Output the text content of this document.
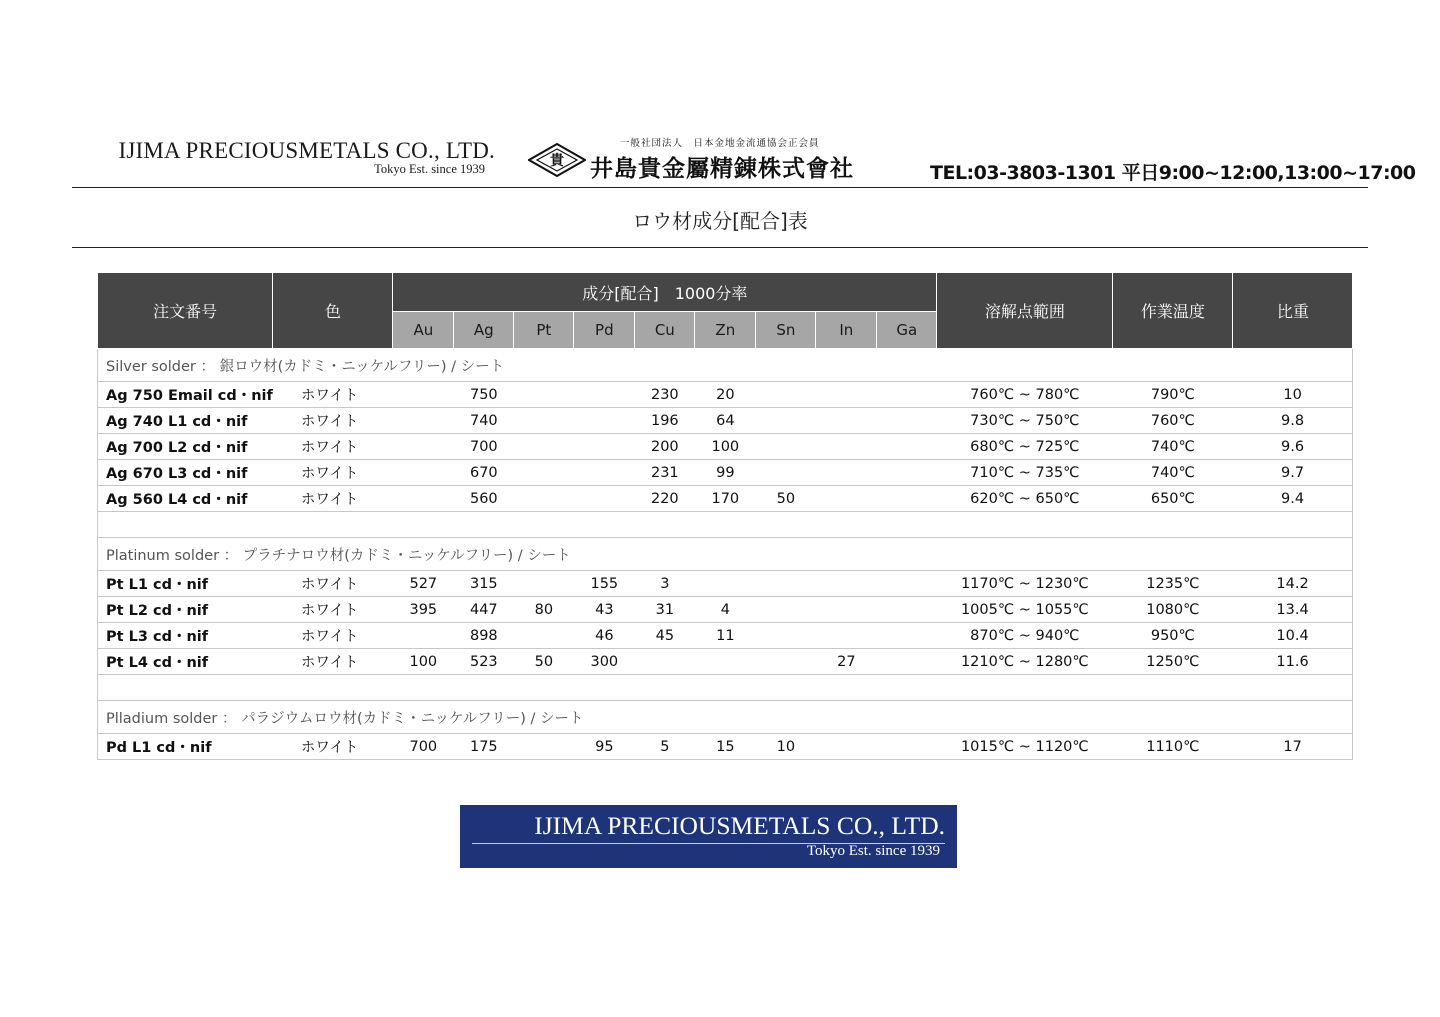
IJIMA PRECIOUSMETALS CO., LTD.
Tokyo Est. since 1939	貴
一般社団法人　日本金地金流通協会正会員
井島貴金屬精錬株式會社	TEL:03-3803-1301 平日9:00~12:00,13:00~17:00
ロウ材成分[配合]表
注文番号	色	成分[配合]　1000分率									溶解点範囲	作業温度	比重
		Au	Ag	Pt	Pd	Cu	Zn	Sn	In	Ga			
Silver solder ： 銀ロウ材(カドミ・ニッケルフリー) / シート													
Ag 750 Email cd・nif	ホワイト		750			230	20				760℃ ~ 780℃	790℃	10
Ag 740 L1 cd・nif	ホワイト		740			196	64				730℃ ~ 750℃	760℃	9.8
Ag 700 L2 cd・nif	ホワイト		700			200	100				680℃ ~ 725℃	740℃	9.6
Ag 670 L3 cd・nif	ホワイト		670			231	99				710℃ ~ 735℃	740℃	9.7
Ag 560 L4 cd・nif	ホワイト		560			220	170	50			620℃ ~ 650℃	650℃	9.4

Platinum solder ： プラチナロウ材(カドミ・ニッケルフリー) / シート													
Pt L1 cd・nif	ホワイト	527	315		155	3					1170℃ ~ 1230℃	1235℃	14.2
Pt L2 cd・nif	ホワイト	395	447	80	43	31	4				1005℃ ~ 1055℃	1080℃	13.4
Pt L3 cd・nif	ホワイト		898		46	45	11				870℃ ~ 940℃	950℃	10.4
Pt L4 cd・nif	ホワイト	100	523	50	300				27		1210℃ ~ 1280℃	1250℃	11.6

Plladium solder ： パラジウムロウ材(カドミ・ニッケルフリー) / シート													
Pd L1 cd・nif	ホワイト	700	175		95	5	15	10			1015℃ ~ 1120℃	1110℃	17
IJIMA PRECIOUSMETALS CO., LTD.
Tokyo Est. since 1939
